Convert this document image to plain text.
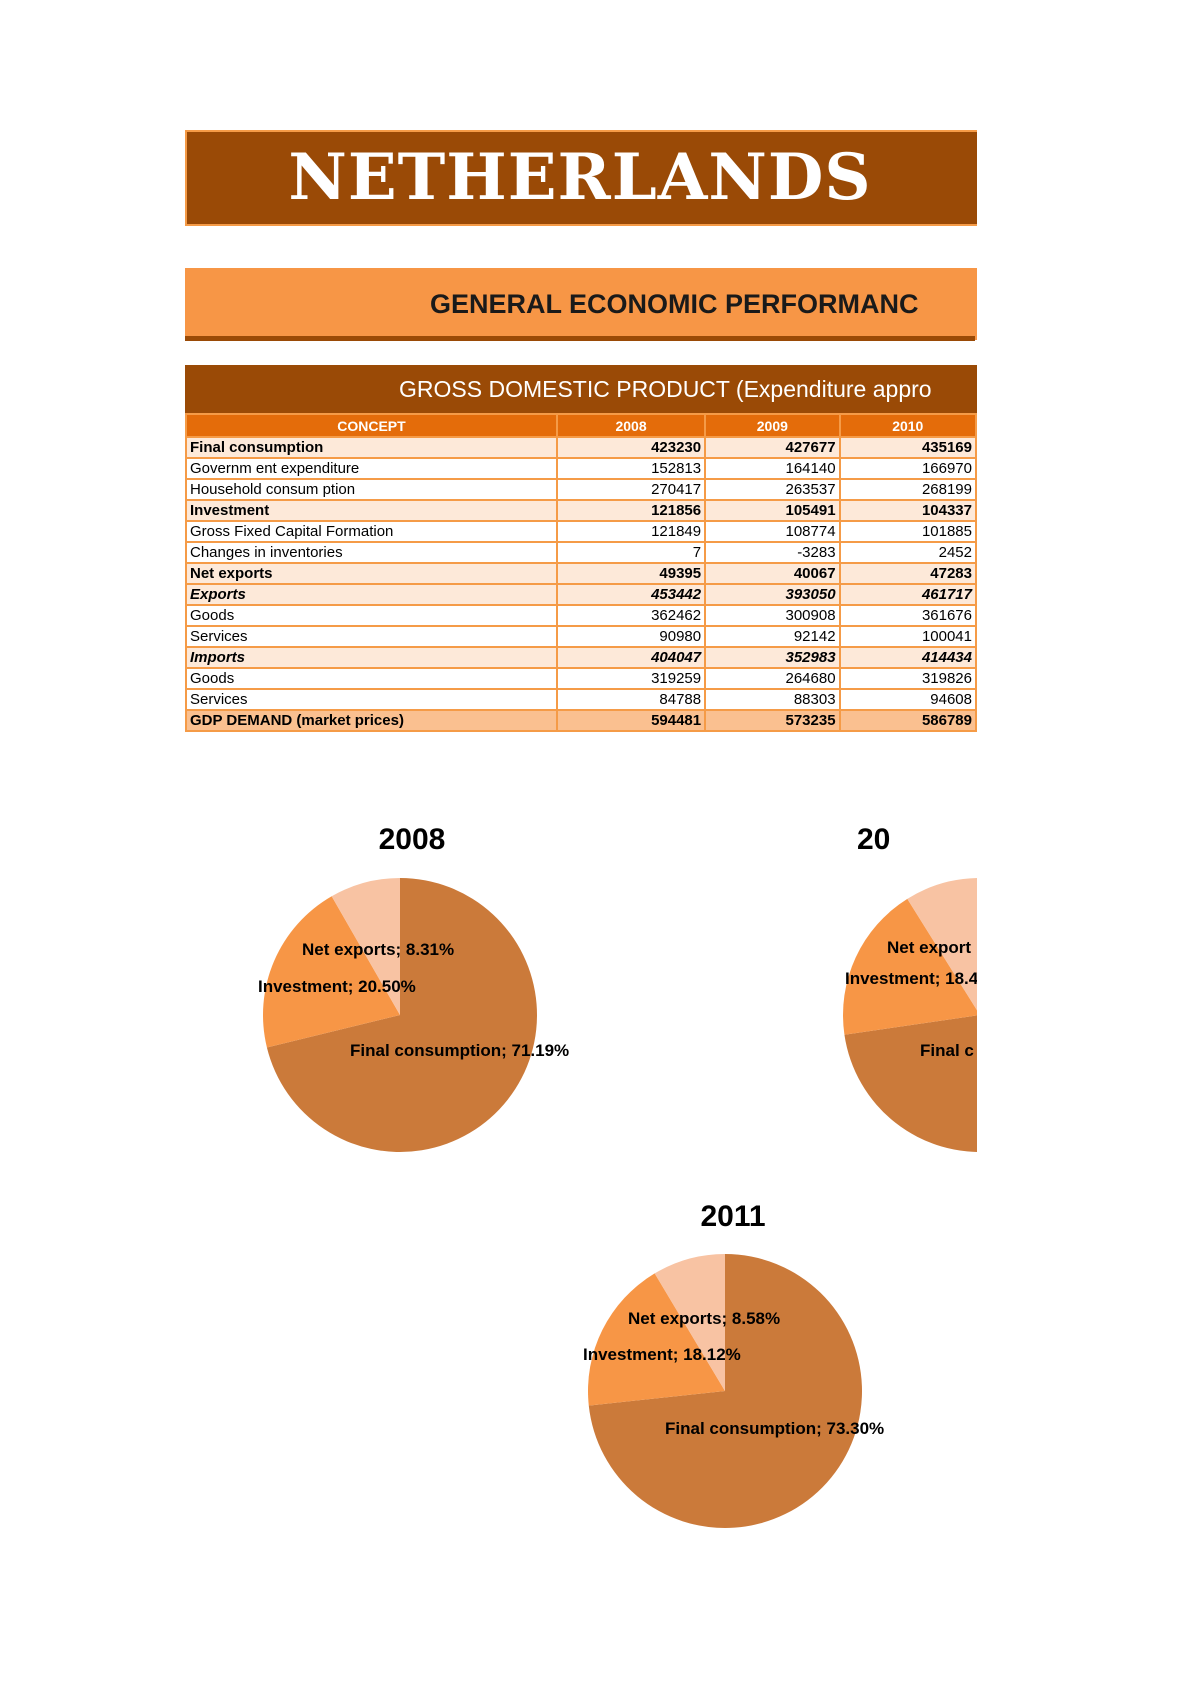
NETHERLANDS
GENERAL ECONOMIC PERFORMANC
GROSS DOMESTIC PRODUCT (Expenditure appro
CONCEPT	2008	2009	2010
Final consumption	423230	427677	435169
Governm ent expenditure	152813	164140	166970
Household consum ption	270417	263537	268199
Investment	121856	105491	104337
Gross Fixed Capital Formation	121849	108774	101885
Changes in inventories	7	-3283	2452
Net exports	49395	40067	47283
Exports	453442	393050	461717
Goods	362462	300908	361676
Services	90980	92142	100041
Imports	404047	352983	414434
Goods	319259	264680	319826
Services	84788	88303	94608
GDP DEMAND (market prices)	594481	573235	586789
2008
Final consumption; 71.19%
Investment; 20.50%
Net exports; 8.31%
20
Final c
Investment; 18.4
Net export
2011
Final consumption; 73.30%
Investment; 18.12%
Net exports; 8.58%
